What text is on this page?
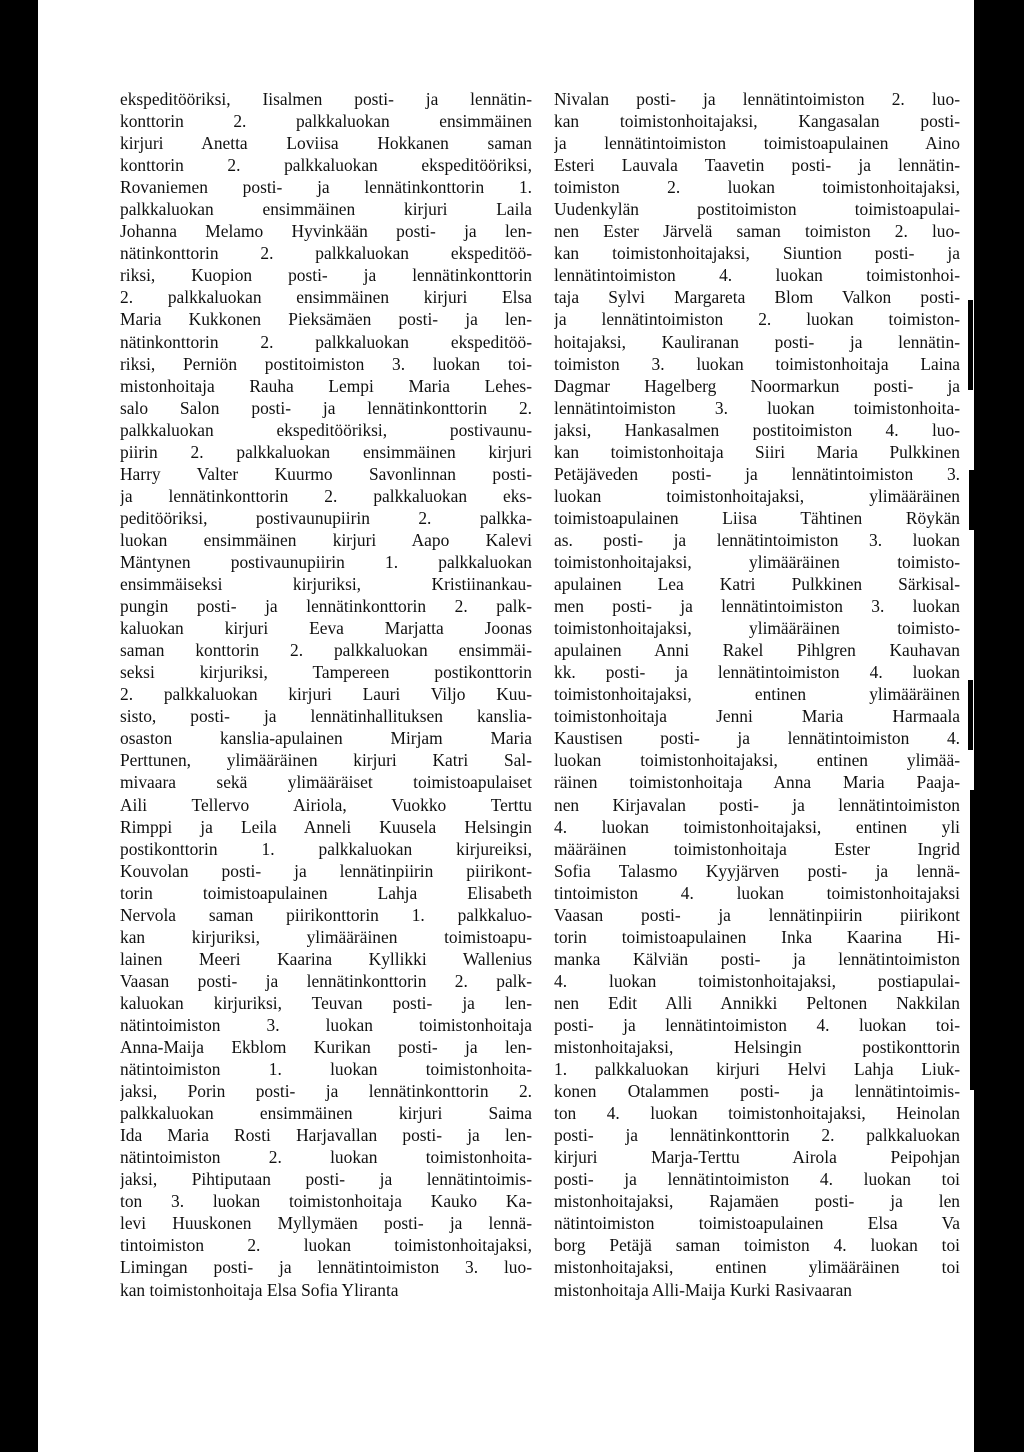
ekspeditööriksi, Iisalmen posti- ja lennätin-
konttorin 2. palkkaluokan ensimmäinen
kirjuri Anetta Loviisa Hokkanen saman
konttorin 2. palkkaluokan ekspeditööriksi,
Rovaniemen posti- ja lennätinkonttorin 1.
palkkaluokan ensimmäinen kirjuri Laila
Johanna Melamo Hyvinkään posti- ja len-
nätinkonttorin 2. palkkaluokan ekspeditöö-
riksi, Kuopion posti- ja lennätinkonttorin
2. palkkaluokan ensimmäinen kirjuri Elsa
Maria Kukkonen Pieksämäen posti- ja len-
nätinkonttorin 2. palkkaluokan ekspeditöö-
riksi, Perniön postitoimiston 3. luokan toi-
mistonhoitaja Rauha Lempi Maria Lehes-
salo Salon posti- ja lennätinkonttorin 2.
palkkaluokan ekspeditööriksi, postivaunu-
piirin 2. palkkaluokan ensimmäinen kirjuri
Harry Valter Kuurmo Savonlinnan posti-
ja lennätinkonttorin 2. palkkaluokan eks-
peditööriksi, postivaunupiirin 2. palkka-
luokan ensimmäinen kirjuri Aapo Kalevi
Mäntynen postivaunupiirin 1. palkkaluokan
ensimmäiseksi kirjuriksi, Kristiinankau-
pungin posti- ja lennätinkonttorin 2. palk-
kaluokan kirjuri Eeva Marjatta Joonas
saman konttorin 2. palkkaluokan ensimmäi-
seksi kirjuriksi, Tampereen postikonttorin
2. palkkaluokan kirjuri Lauri Viljo Kuu-
sisto, posti- ja lennätinhallituksen kanslia-
osaston kanslia-apulainen Mirjam Maria
Perttunen, ylimääräinen kirjuri Katri Sal-
mivaara sekä ylimääräiset toimistoapulaiset
Aili Tellervo Airiola, Vuokko Terttu
Rimppi ja Leila Anneli Kuusela Helsingin
postikonttorin 1. palkkaluokan kirjureiksi,
Kouvolan posti- ja lennätinpiirin piirikont-
torin toimistoapulainen Lahja Elisabeth
Nervola saman piirikonttorin 1. palkkaluo-
kan kirjuriksi, ylimääräinen toimistoapu-
lainen Meeri Kaarina Kyllikki Wallenius
Vaasan posti- ja lennätinkonttorin 2. palk-
kaluokan kirjuriksi, Teuvan posti- ja len-
nätintoimiston 3. luokan toimistonhoitaja
Anna-Maija Ekblom Kurikan posti- ja len-
nätintoimiston 1. luokan toimistonhoita-
jaksi, Porin posti- ja lennätinkonttorin 2.
palkkaluokan ensimmäinen kirjuri Saima
Ida Maria Rosti Harjavallan posti- ja len-
nätintoimiston 2. luokan toimistonhoita-
jaksi, Pihtiputaan posti- ja lennätintoimis-
ton 3. luokan toimistonhoitaja Kauko Ka-
levi Huuskonen Myllymäen posti- ja lennä-
tintoimiston 2. luokan toimistonhoitajaksi,
Limingan posti- ja lennätintoimiston 3. luo-
kan toimistonhoitaja Elsa Sofia Yliranta
Nivalan posti- ja lennätintoimiston 2. luo-
kan toimistonhoitajaksi, Kangasalan posti-
ja lennätintoimiston toimistoapulainen Aino
Esteri Lauvala Taavetin posti- ja lennätin-
toimiston 2. luokan toimistonhoitajaksi,
Uudenkylän postitoimiston toimistoapulai-
nen Ester Järvelä saman toimiston 2. luo-
kan toimistonhoitajaksi, Siuntion posti- ja
lennätintoimiston 4. luokan toimistonhoi-
taja Sylvi Margareta Blom Valkon posti-
ja lennätintoimiston 2. luokan toimiston-
hoitajaksi, Kauliranan posti- ja lennätin-
toimiston 3. luokan toimistonhoitaja Laina
Dagmar Hagelberg Noormarkun posti- ja
lennätintoimiston 3. luokan toimistonhoita-
jaksi, Hankasalmen postitoimiston 4. luo-
kan toimistonhoitaja Siiri Maria Pulkkinen
Petäjäveden posti- ja lennätintoimiston 3.
luokan toimistonhoitajaksi, ylimääräinen
toimistoapulainen Liisa Tähtinen Röykän
as. posti- ja lennätintoimiston 3. luokan
toimistonhoitajaksi, ylimääräinen toimisto-
apulainen Lea Katri Pulkkinen Särkisal-
men posti- ja lennätintoimiston 3. luokan
toimistonhoitajaksi, ylimääräinen toimisto-
apulainen Anni Rakel Pihlgren Kauhavan
kk. posti- ja lennätintoimiston 4. luokan
toimistonhoitajaksi, entinen ylimääräinen
toimistonhoitaja Jenni Maria Harmaala
Kaustisen posti- ja lennätintoimiston 4.
luokan toimistonhoitajaksi, entinen ylimää-
räinen toimistonhoitaja Anna Maria Paaja-
nen Kirjavalan posti- ja lennätintoimiston
4. luokan toimistonhoitajaksi, entinen yli
määräinen toimistonhoitaja Ester Ingrid
Sofia Talasmo Kyyjärven posti- ja lennä-
tintoimiston 4. luokan toimistonhoitajaksi
Vaasan posti- ja lennätinpiirin piirikont
torin toimistoapulainen Inka Kaarina Hi-
manka Kälviän posti- ja lennätintoimiston
4. luokan toimistonhoitajaksi, postiapulai-
nen Edit Alli Annikki Peltonen Nakkilan
posti- ja lennätintoimiston 4. luokan toi-
mistonhoitajaksi, Helsingin postikonttorin
1. palkkaluokan kirjuri Helvi Lahja Liuk-
konen Otalammen posti- ja lennätintoimis-
ton 4. luokan toimistonhoitajaksi, Heinolan
posti- ja lennätinkonttorin 2. palkkaluokan
kirjuri Marja-Terttu Airola Peipohjan
posti- ja lennätintoimiston 4. luokan toi
mistonhoitajaksi, Rajamäen posti- ja len
nätintoimiston toimistoapulainen Elsa Va
borg Petäjä saman toimiston 4. luokan toi
mistonhoitajaksi, entinen ylimääräinen toi
mistonhoitaja Alli-Maija Kurki Rasivaaran
